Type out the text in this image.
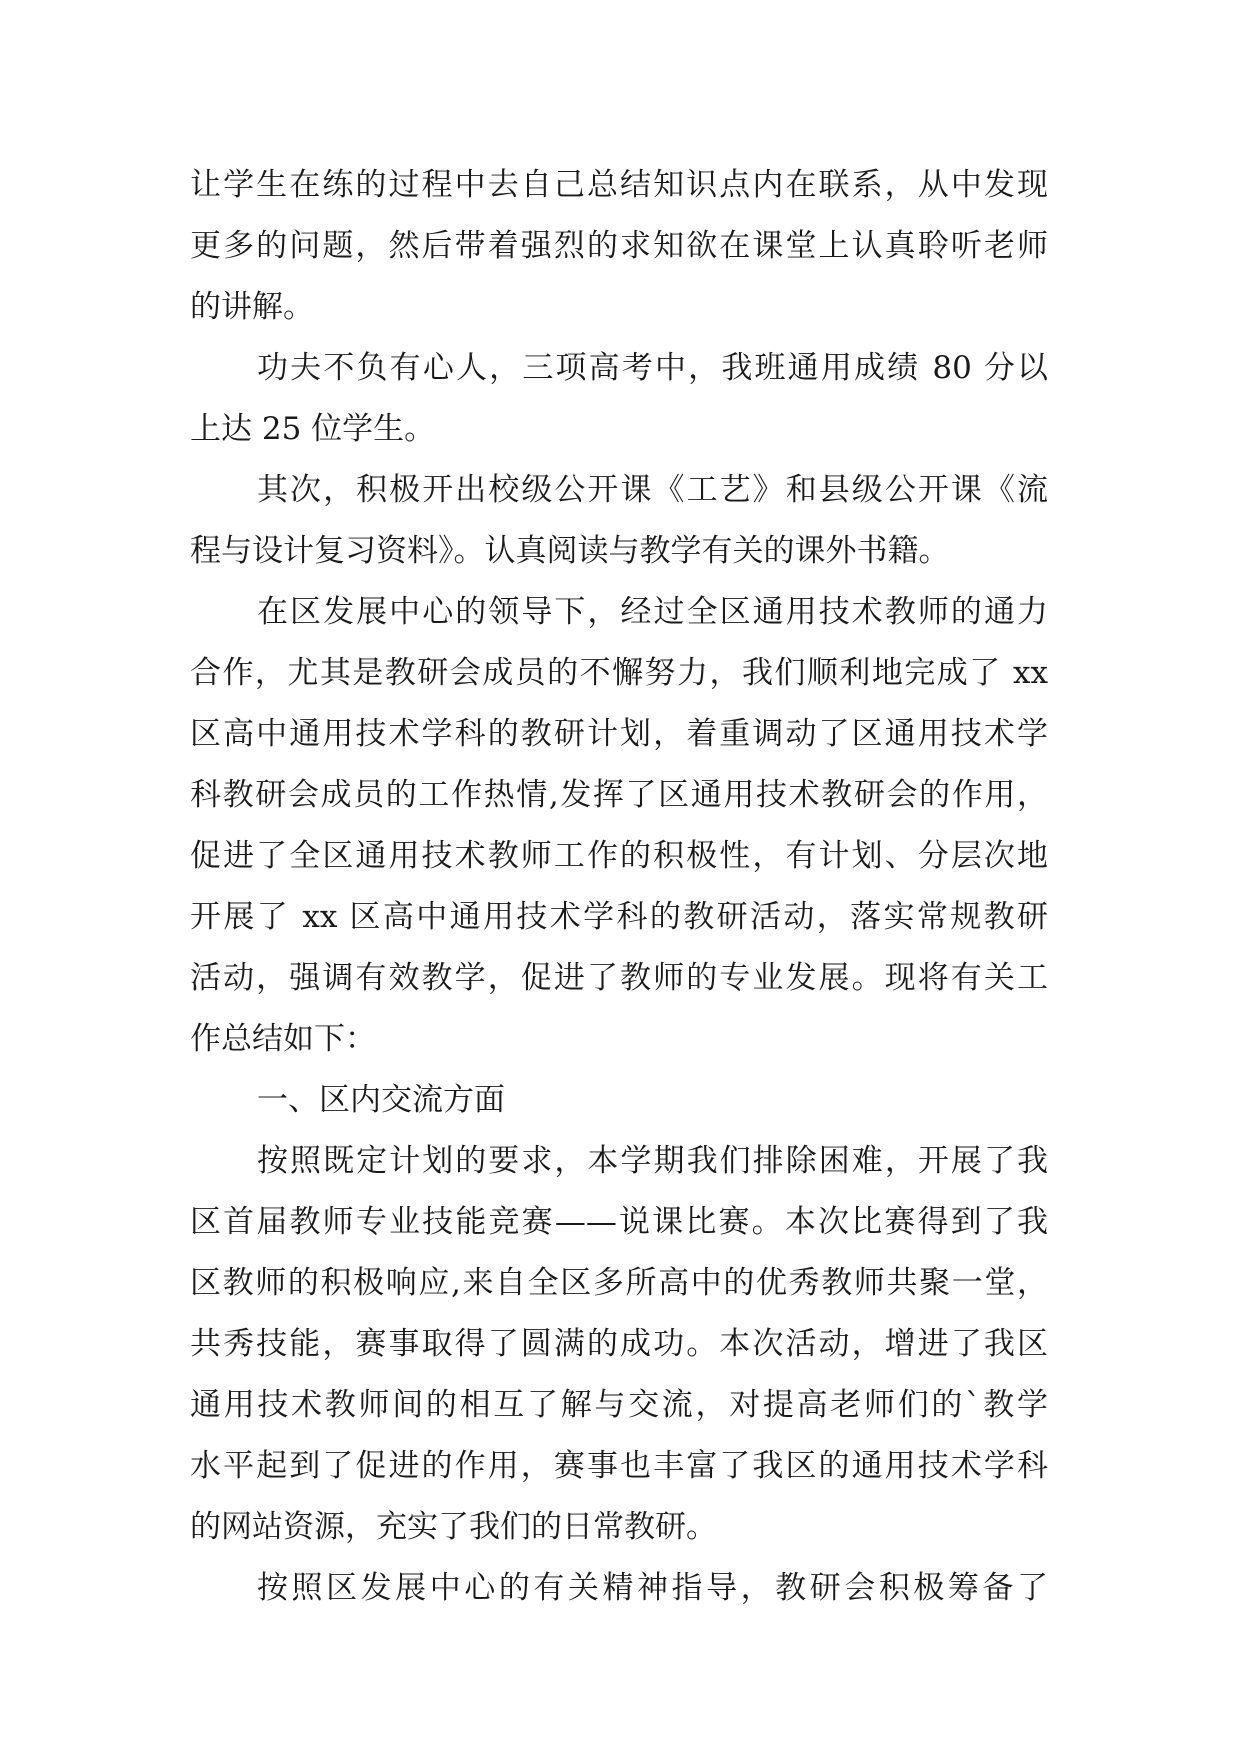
让学生在练的过程中去自己总结知识点内在联系，从中发现
更多的问题，然后带着强烈的求知欲在课堂上认真聆听老师
的讲解。
功夫不负有心人，三项高考中，我班通用成绩 80 分以
上达 25 位学生。
其次，积极开出校级公开课《工艺》和县级公开课《流
程与设计复习资料》。认真阅读与教学有关的课外书籍。
在区发展中心的领导下，经过全区通用技术教师的通力
合作，尤其是教研会成员的不懈努力，我们顺利地完成了 xx
区高中通用技术学科的教研计划，着重调动了区通用技术学
科教研会成员的工作热情,发挥了区通用技术教研会的作用，
促进了全区通用技术教师工作的积极性，有计划、分层次地
开展了 xx 区高中通用技术学科的教研活动，落实常规教研
活动，强调有效教学，促进了教师的专业发展。现将有关工
作总结如下：
一、区内交流方面
按照既定计划的要求，本学期我们排除困难，开展了我
区首届教师专业技能竞赛——说课比赛。本次比赛得到了我
区教师的积极响应,来自全区多所高中的优秀教师共聚一堂，
共秀技能，赛事取得了圆满的成功。本次活动，增进了我区
通用技术教师间的相互了解与交流，对提高老师们的`教学
水平起到了促进的作用，赛事也丰富了我区的通用技术学科
的网站资源，充实了我们的日常教研。
按照区发展中心的有关精神指导，教研会积极筹备了
